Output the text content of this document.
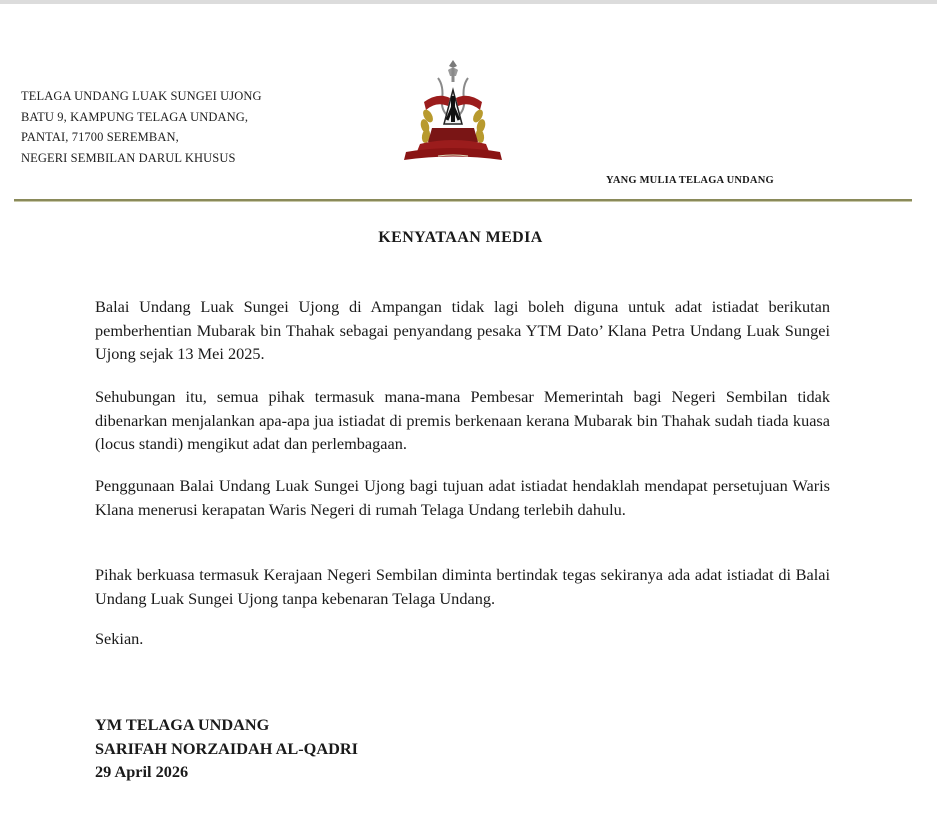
TELAGA UNDANG LUAK SUNGEI UJONG
BATU 9, KAMPUNG TELAGA UNDANG,
PANTAI, 71700 SEREMBAN,
NEGERI SEMBILAN DARUL KHUSUS
YANG MULIA TELAGA UNDANG
KENYATAAN MEDIA
Balai Undang Luak Sungei Ujong di Ampangan tidak lagi boleh diguna untuk adat istiadat berikutan pemberhentian Mubarak bin Thahak sebagai penyandang pesaka YTM Dato’ Klana Petra Undang Luak Sungei Ujong sejak 13 Mei 2025.
Sehubungan itu, semua pihak termasuk mana-mana Pembesar Memerintah bagi Negeri Sembilan tidak dibenarkan menjalankan apa-apa jua istiadat di premis berkenaan kerana Mubarak bin Thahak sudah tiada kuasa (locus standi) mengikut adat dan perlembagaan.
Penggunaan Balai Undang Luak Sungei Ujong bagi tujuan adat istiadat hendaklah mendapat persetujuan Waris Klana menerusi kerapatan Waris Negeri di rumah Telaga Undang terlebih dahulu.
Pihak berkuasa termasuk Kerajaan Negeri Sembilan diminta bertindak tegas sekiranya ada adat istiadat di Balai Undang Luak Sungei Ujong tanpa kebenaran Telaga Undang.
Sekian.
YM TELAGA UNDANG
SARIFAH NORZAIDAH AL-QADRI
29 April 2026
